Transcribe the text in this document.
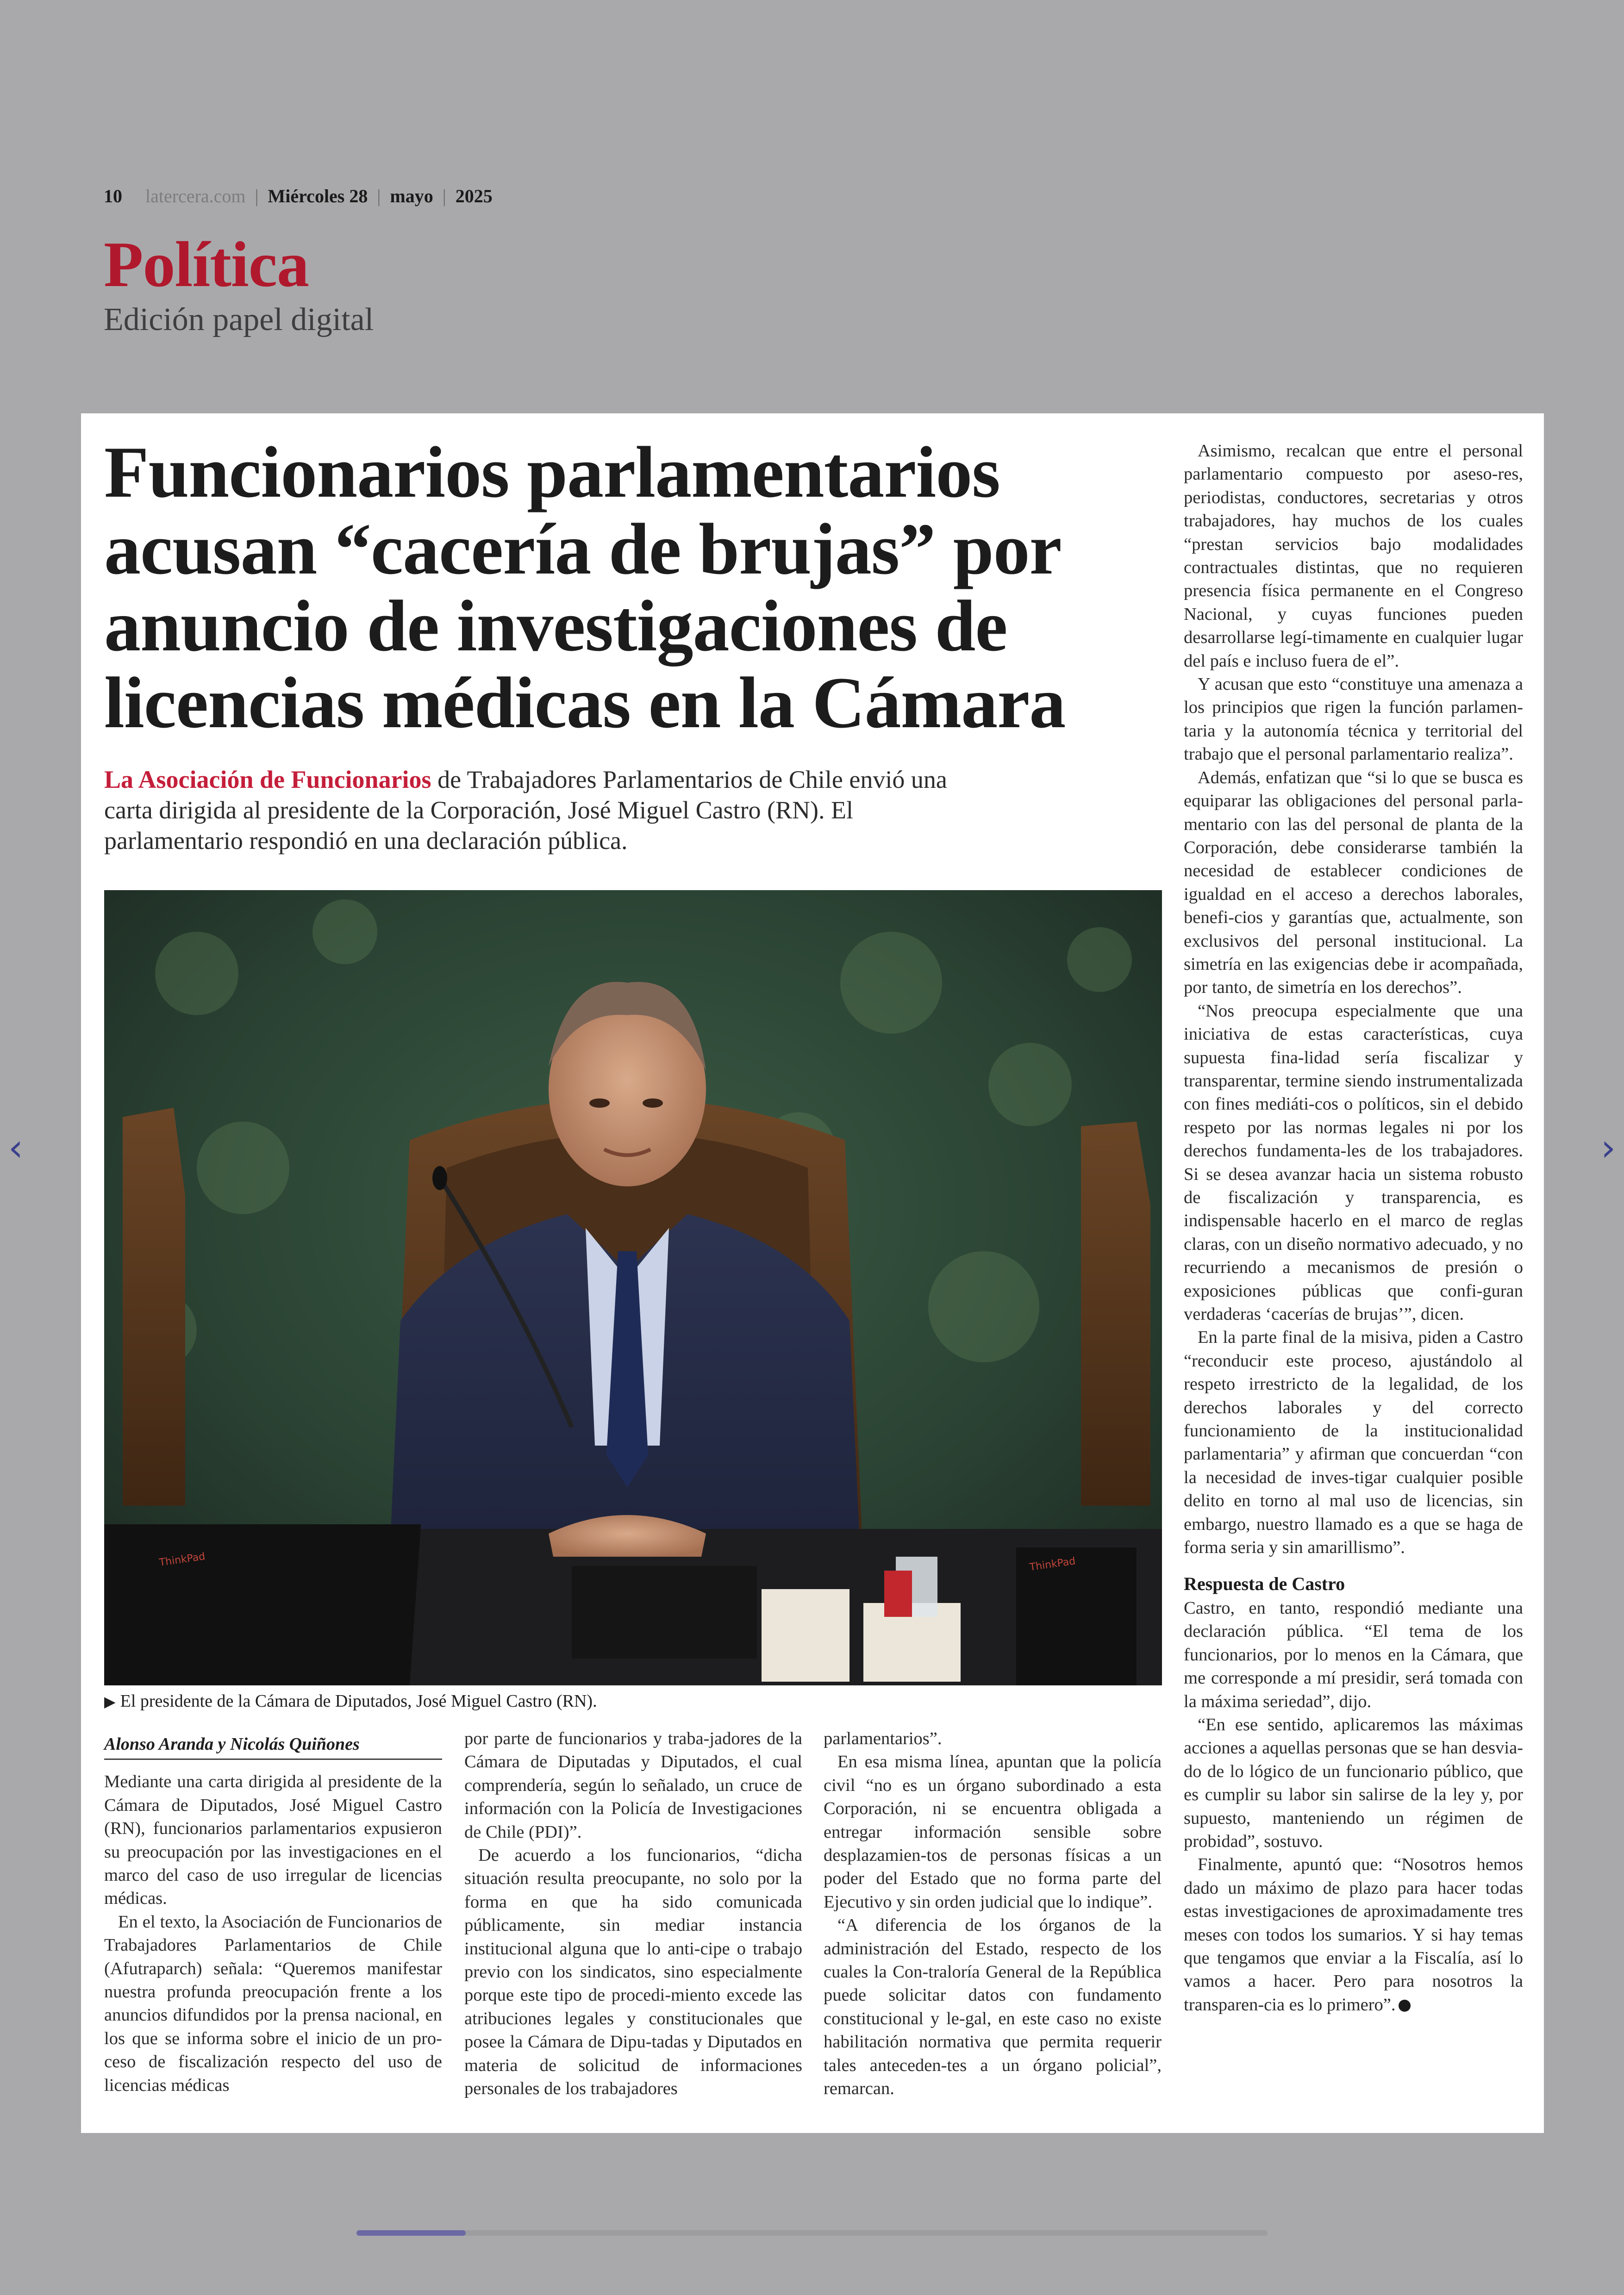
10 latercera.com | Miércoles 28 | mayo | 2025
Política
Edición papel digital
‹	›
Funcionarios parlamentarios acusan “cacería de brujas” por anuncio de investigaciones de licencias médicas en la Cámara
La Asociación de Funcionarios de Trabajadores Parlamentarios de Chile envió una carta dirigida al presidente de la Corporación, José Miguel Castro (RN). El parlamentario respondió en una declaración pública.
ThinkPad	ThinkPad
▶ El presidente de la Cámara de Diputados, José Miguel Castro (RN).
Alonso Aranda y Nicolás Quiñones

Mediante una carta dirigida al presidente de la Cámara de Diputados, José Miguel Castro (RN), funcionarios parlamentarios expusieron su preocupación por las investigaciones en el marco del caso de uso irregular de licencias médicas.

En el texto, la Asociación de Funcionarios de Trabajadores Parlamentarios de Chile (Afutraparch) señala: “Queremos manifestar nuestra profunda preocupación frente a los anuncios difundidos por la prensa nacional, en los que se informa sobre el inicio de un pro-ceso de fiscalización respecto del uso de licencias médicas

por parte de funcionarios y traba-jadores de la Cámara de Diputadas y Diputados, el cual comprendería, según lo señalado, un cruce de información con la Policía de Investigaciones de Chile (PDI)”.

De acuerdo a los funcionarios, “dicha situación resulta preocupante, no solo por la forma en que ha sido comunicada públicamente, sin mediar instancia institucional alguna que lo anti-cipe o trabajo previo con los sindicatos, sino especialmente porque este tipo de procedi-miento excede las atribuciones legales y constitucionales que posee la Cámara de Dipu-tadas y Diputados en materia de solicitud de informaciones personales de los trabajadores

parlamentarios”.

En esa misma línea, apuntan que la policía civil “no es un órgano subordinado a esta Corporación, ni se encuentra obligada a entregar información sensible sobre desplazamien-tos de personas físicas a un poder del Estado que no forma parte del Ejecutivo y sin orden judicial que lo indique”.

“A diferencia de los órganos de la administración del Estado, respecto de los cuales la Con-traloría General de la República puede solicitar datos con fundamento constitucional y le-gal, en este caso no existe habilitación normativa que permita requerir tales anteceden-tes a un órgano policial”, remarcan.

Asimismo, recalcan que entre el personal parlamentario compuesto por aseso-res, periodistas, conductores, secretarias y otros trabajadores, hay muchos de los cuales “prestan servicios bajo modalidades contractuales distintas, que no requieren presencia física permanente en el Congreso Nacional, y cuyas funciones pueden desarrollarse legí-timamente en cualquier lugar del país e incluso fuera de el”.

Y acusan que esto “constituye una amenaza a los principios que rigen la función parlamen-taria y la autonomía técnica y territorial del trabajo que el personal parlamentario realiza”.

Además, enfatizan que “si lo que se busca es equiparar las obligaciones del personal parla-mentario con las del personal de planta de la Corporación, debe considerarse también la necesidad de establecer condiciones de igualdad en el acceso a derechos laborales, benefi-cios y garantías que, actualmente, son exclusivos del personal institucional. La simetría en las exigencias debe ir acompañada, por tanto, de simetría en los derechos”.

“Nos preocupa especialmente que una iniciativa de estas características, cuya supuesta fina-lidad sería fiscalizar y transparentar, termine siendo instrumentalizada con fines mediáti-cos o políticos, sin el debido respeto por las normas legales ni por los derechos fundamenta-les de los trabajadores. Si se desea avanzar hacia un sistema robusto de fiscalización y transparencia, es indispensable hacerlo en el marco de reglas claras, con un diseño normativo adecuado, y no recurriendo a mecanismos de presión o exposiciones públicas que confi-guran verdaderas ‘cacerías de brujas’”, dicen.

En la parte final de la misiva, piden a Castro “reconducir este proceso, ajustándolo al respeto irrestricto de la legalidad, de los derechos laborales y del correcto funcionamiento de la institucionalidad parlamentaria” y afirman que concuerdan “con la necesidad de inves-tigar cualquier posible delito en torno al mal uso de licencias, sin embargo, nuestro llamado es a que se haga de forma seria y sin amarillismo”.

Respuesta de Castro

Castro, en tanto, respondió mediante una declaración pública. “El tema de los funcionarios, por lo menos en la Cámara, que me corresponde a mí presidir, será tomada con la máxima seriedad”, dijo.

“En ese sentido, aplicaremos las máximas acciones a aquellas personas que se han desvia-do de lo lógico de un funcionario público, que es cumplir su labor sin salirse de la ley y, por supuesto, manteniendo un régimen de probidad”, sostuvo.

Finalmente, apuntó que: “Nosotros hemos dado un máximo de plazo para hacer todas estas investigaciones de aproximadamente tres meses con todos los sumarios. Y si hay temas que tengamos que enviar a la Fiscalía, así lo vamos a hacer. Pero para nosotros la transparen-cia es lo primero”.
